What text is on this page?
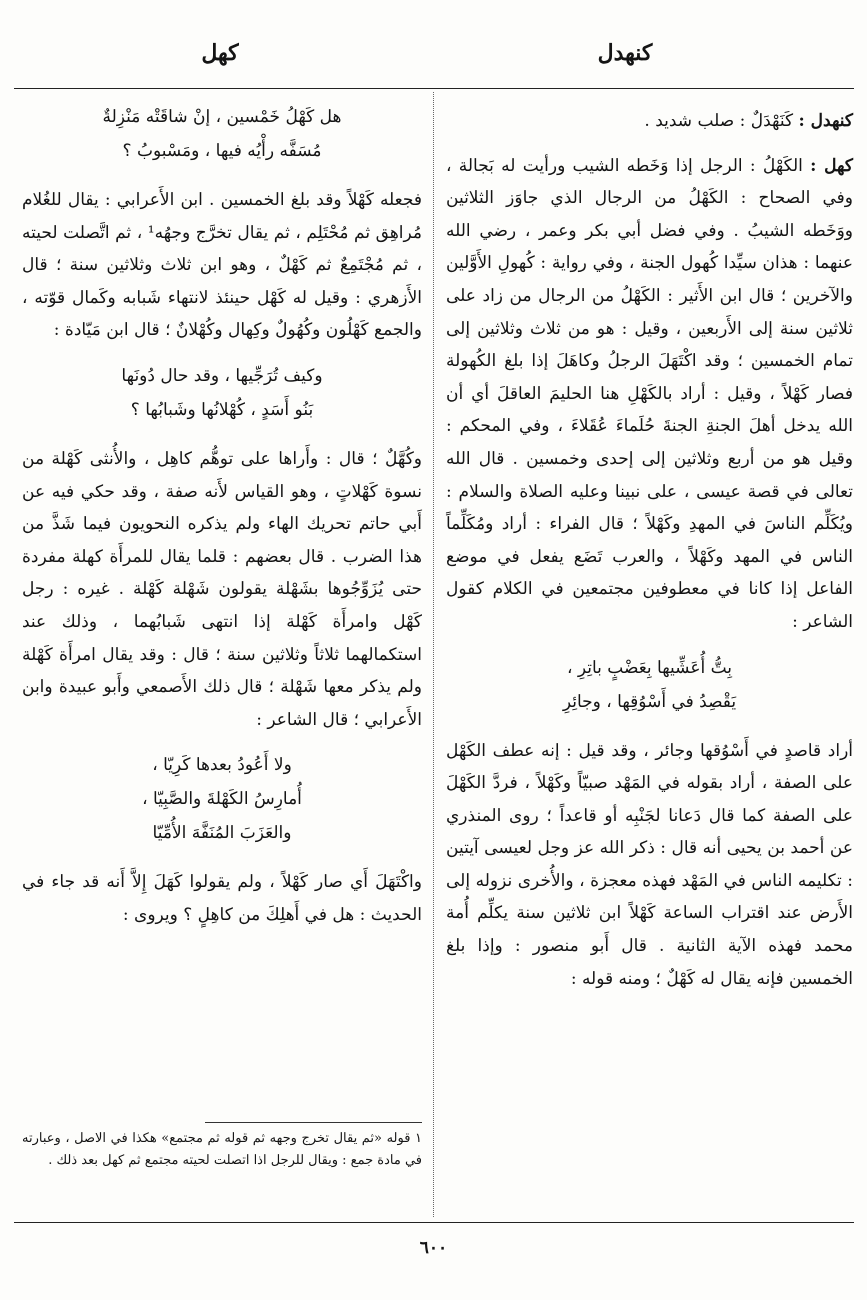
كنهدل
كهل

كنهدل : كَنَهْدَلٌ : صلب شديد .

كهل : الكَهْلُ : الرجل إذا وَخَطه الشيب ورأيت له بَجالة ، وفي الصحاح : الكَهْلُ من الرجال الذي جاوَز الثلاثين ووَخَطه الشيبُ . وفي فضل أبي بكر وعمر ، رضي الله عنهما : هذان سيِّدا كُهول الجنة ، وفي رواية : كُهولِ الأَوَّلين والآخرين ؛ قال ابن الأَثير : الكَهْلُ من الرجال من زاد على ثلاثين سنة إلى الأَربعين ، وقيل : هو من ثلاث وثلاثين إلى تمام الخمسين ؛ وقد اكْتَهَلَ الرجلُ وكاهَلَ إذا بلغ الكُهولة فصار كَهْلاً ، وقيل : أراد بالكَهْلِ هنا الحليمَ العاقلَ أي أن الله يدخل أهلَ الجنةِ الجنةَ حُلَماءَ عُقَلاءَ ، وفي المحكم : وقيل هو من أربع وثلاثين إلى إحدى وخمسين . قال الله تعالى في قصة عيسى ، على نبينا وعليه الصلاة والسلام : ويُكَلِّم الناسَ في المهدِ وكَهْلاً ؛ قال الفراء : أراد ومُكَلِّماً الناس في المهد وكَهْلاً ، والعرب تَضَع يفعل في موضع الفاعل إذا كانا في معطوفين مجتمعين في الكلام كقول الشاعر :

بِتُّ أُعَشِّيها بِعَضْبٍ باتِرِ ،
يَقْصِدُ في أَسْوُقِها ، وجائِرِ

أراد قاصدٍ في أَسْوُقها وجائر ، وقد قيل : إنه عطف الكَهْل على الصفة ، أراد بقوله في المَهْد صبيّاً وكَهْلاً ، فردَّ الكَهْلَ على الصفة كما قال دَعانا لجَنْبِه أو قاعداً ؛ روى المنذري عن أحمد بن يحيى أنه قال : ذكر الله عز وجل لعيسى آيتين : تكليمه الناس في المَهْد فهذه معجزة ، والأُخرى نزوله إلى الأَرض عند اقتراب الساعة كَهْلاً ابن ثلاثين سنة يكلِّم أُمة محمد فهذه الآية الثانية . قال أَبو منصور : وإذا بلغ الخمسين فإنه يقال له كَهْلٌ ؛ ومنه قوله :

هل كَهْلُ خَمْسين ، إنْ شاقَتْه مَنْزِلةٌ
مُسَفَّه رأْيُه فيها ، ومَسْبوبُ ؟

فجعله كَهْلاً وقد بلغ الخمسين . ابن الأَعرابي : يقال للغُلام مُراهِق ثم مُحْتَلِم ، ثم يقال تخرَّج وجهُه¹ ، ثم اتَّصلت لحيته ، ثم مُجْتَمِعٌ ثم كَهْلٌ ، وهو ابن ثلاث وثلاثين سنة ؛ قال الأَزهري : وقيل له كَهْل حينئذ لانتهاء شَبابه وكَمال قوّته ، والجمع كَهْلُون وكُهُولٌ وكِهال وكُهْلانٌ ؛ قال ابن مَيّادة :

وكيف تُرَجِّيها ، وقد حال دُونَها
بَنُو أَسَدٍ ، كُهْلانُها وشَبابُها ؟

وكُهَّلٌ ؛ قال : وأَراها على توهُّم كاهِل ، والأُنثى كَهْلة من نسوة كَهْلاتٍ ، وهو القياس لأَنه صفة ، وقد حكي فيه عن أَبي حاتم تحريك الهاء ولم يذكره النحويون فيما شَذَّ من هذا الضرب . قال بعضهم : قلما يقال للمرأَة كهلة مفردة حتى يُزَوِّجُوها بشَهْلة يقولون شَهْلة كَهْلة . غيره : رجل كَهْل وامرأَة كَهْلة إذا انتهى شَبابُهما ، وذلك عند استكمالهما ثلاثاً وثلاثين سنة ؛ قال : وقد يقال امرأَة كَهْلة ولم يذكر معها شَهْلة ؛ قال ذلك الأَصمعي وأَبو عبيدة وابن الأَعرابي ؛ قال الشاعر :

ولا أَعُودُ بعدها كَرِيّا ،
أُمارِسُ الكَهْلةَ والصَّبِيّا ،
والعَزَبَ المُنَفَّهَ الأُمِّيّا

واكْتَهَلَ أَي صار كَهْلاً ، ولم يقولوا كَهَلَ إِلاَّ أَنه قد جاء في الحديث : هل في أَهلِكَ من كاهِلٍ ؟ ويروى :

١ قوله «ثم يقال تخرج وجهه ثم قوله ثم مجتمع» هكذا في الاصل ، وعبارته في مادة جمع : ويقال للرجل اذا اتصلت لحيته مجتمع ثم كهل بعد ذلك .
٦٠٠
